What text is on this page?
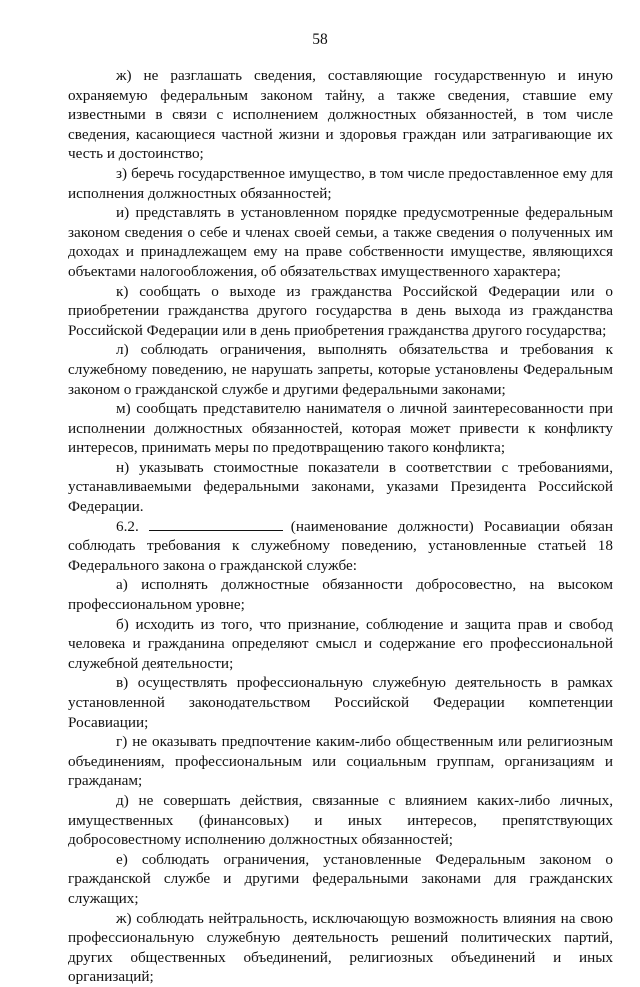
58

ж) не разглашать сведения, составляющие государственную и иную охраняемую федеральным законом тайну, а также сведения, ставшие ему известными в связи с исполнением должностных обязанностей, в том числе сведения, касающиеся частной жизни и здоровья граждан или затрагивающие их честь и достоинство;

з) беречь государственное имущество, в том числе предоставленное ему для исполнения должностных обязанностей;

и) представлять в установленном порядке предусмотренные федеральным законом сведения о себе и членах своей семьи, а также сведения о полученных им доходах и принадлежащем ему на праве собственности имуществе, являющихся объектами налогообложения, об обязательствах имущественного характера;

к) сообщать о выходе из гражданства Российской Федерации или о приобретении гражданства другого государства в день выхода из гражданства Российской Федерации или в день приобретения гражданства другого государства;

л) соблюдать ограничения, выполнять обязательства и требования к служебному поведению, не нарушать запреты, которые установлены Федеральным законом о гражданской службе и другими федеральными законами;

м) сообщать представителю нанимателя о личной заинтересованности при исполнении должностных обязанностей, которая может привести к конфликту интересов, принимать меры по предотвращению такого конфликта;

н) указывать стоимостные показатели в соответствии с требованиями, устанавливаемыми федеральными законами, указами Президента Российской Федерации.

6.2.	(наименование должности) Росавиации обязан соблюдать требования к служебному поведению, установленные статьей 18 Федерального закона о гражданской службе:

а) исполнять должностные обязанности добросовестно, на высоком профессиональном уровне;

б) исходить из того, что признание, соблюдение и защита прав и свобод человека и гражданина определяют смысл и содержание его профессиональной служебной деятельности;

в) осуществлять профессиональную служебную деятельность в рамках установленной законодательством Российской Федерации компетенции Росавиации;

г) не оказывать предпочтение каким-либо общественным или религиозным объединениям, профессиональным или социальным группам, организациям и гражданам;

д) не совершать действия, связанные с влиянием каких-либо личных, имущественных (финансовых) и иных интересов, препятствующих добросовестному исполнению должностных обязанностей;

е) соблюдать ограничения, установленные Федеральным законом о гражданской службе и другими федеральными законами для гражданских служащих;

ж) соблюдать нейтральность, исключающую возможность влияния на свою профессиональную служебную деятельность решений политических партий, других общественных объединений, религиозных объединений и иных организаций;
